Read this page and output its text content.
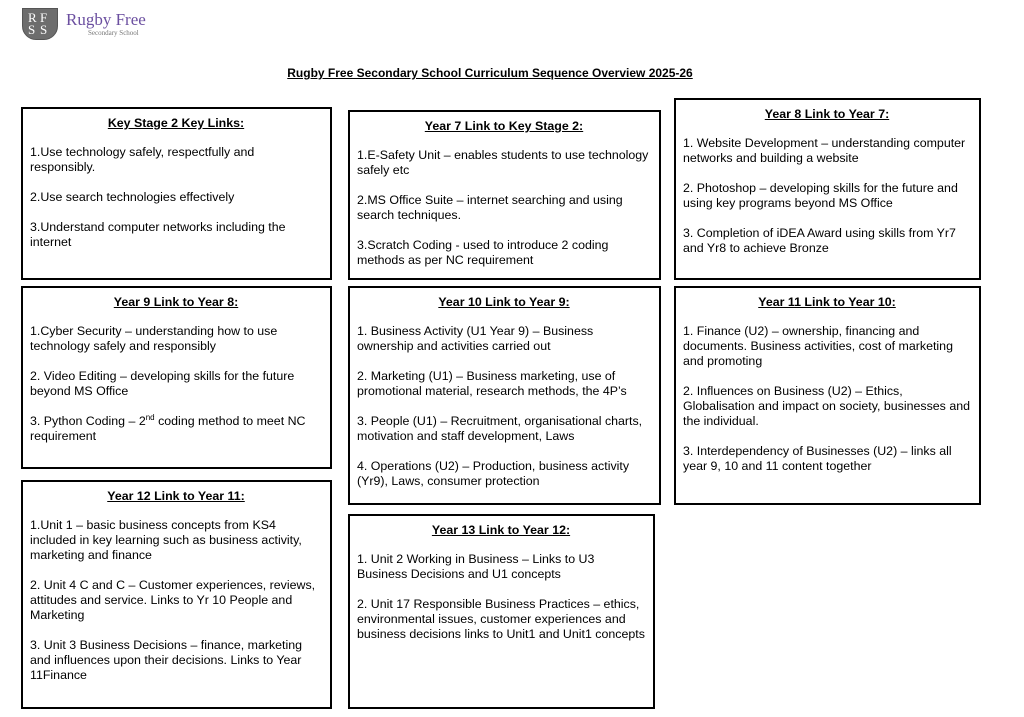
R F
S S
Rugby Free
Secondary School
Rugby Free Secondary School Curriculum Sequence Overview 2025-26
Key Stage 2 Key Links:

1.Use technology safely, respectfully and responsibly.

2.Use search technologies effectively

3.Understand computer networks including the internet

Year 7 Link to Key Stage 2:

1.E-Safety Unit – enables students to use technology safely etc

2.MS Office Suite – internet searching and using search techniques.

3.Scratch Coding - used to introduce 2 coding methods as per NC requirement

Year 8 Link to Year 7:

1. Website Development – understanding computer networks and building a website

2. Photoshop – developing skills for the future and using key programs beyond MS Office

3. Completion of iDEA Award using skills from Yr7 and Yr8 to achieve Bronze

Year 9 Link to Year 8:

1.Cyber Security – understanding how to use technology safely and responsibly

2. Video Editing – developing skills for the future beyond MS Office

3. Python Coding – 2nd coding method to meet NC requirement

Year 10 Link to Year 9:

1. Business Activity (U1 Year 9) – Business ownership and activities carried out

2. Marketing (U1) – Business marketing, use of promotional material, research methods, the 4P’s

3. People (U1) – Recruitment, organisational charts, motivation and staff development, Laws

4. Operations (U2) – Production, business activity (Yr9), Laws, consumer protection

Year 11 Link to Year 10:

1. Finance (U2) – ownership, financing and documents. Business activities, cost of marketing and promoting

2. Influences on Business (U2) – Ethics, Globalisation and impact on society, businesses and the individual.

3. Interdependency of Businesses (U2) – links all year 9, 10 and 11 content together

Year 12 Link to Year 11:

1.Unit 1 – basic business concepts from KS4 included in key learning such as business activity, marketing and finance

2. Unit 4 C and C – Customer experiences, reviews, attitudes and service. Links to Yr 10 People and Marketing

3. Unit 3 Business Decisions – finance, marketing and influences upon their decisions. Links to Year 11Finance

Year 13 Link to Year 12:

1. Unit 2 Working in Business – Links to U3 Business Decisions and U1 concepts

2. Unit 17 Responsible Business Practices – ethics, environmental issues, customer experiences and business decisions links to Unit1 and Unit1 concepts
